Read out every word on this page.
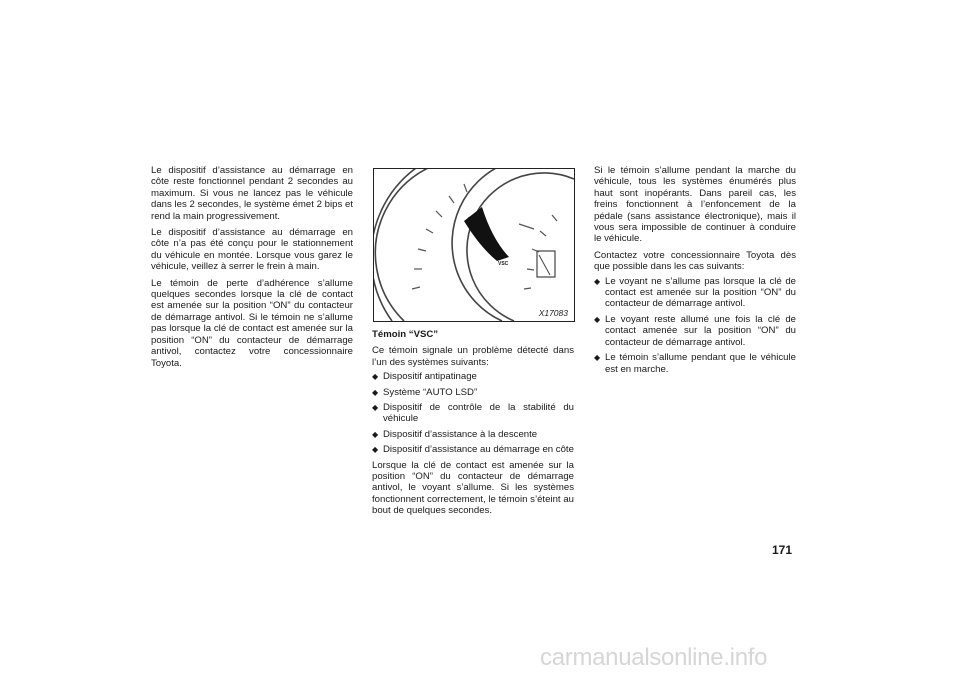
Le dispositif d’assistance au démarrage en côte reste fonctionnel pendant 2 secondes au maximum. Si vous ne lancez pas le véhicule dans les 2 secondes, le système émet 2 bips et rend la main progressivement.

Le dispositif d’assistance au démarrage en côte n’a pas été conçu pour le stationnement du véhicule en montée. Lorsque vous garez le véhicule, veillez à serrer le frein à main.

Le témoin de perte d’adhérence s’allume quelques secondes lorsque la clé de contact est amenée sur la position “ON” du contacteur de démarrage antivol. Si le témoin ne s’allume pas lorsque la clé de contact est amenée sur la position “ON” du contacteur de démarrage antivol, contactez votre concessionnaire Toyota.

VSC
X17083

Témoin “VSC”

Ce témoin signale un problème détecté dans l’un des systèmes suivants:

◆ Dispositif antipatinage
◆ Système “AUTO LSD”
◆ Dispositif de contrôle de la stabilité du véhicule
◆ Dispositif d’assistance à la descente
◆ Dispositif d’assistance au démarrage en côte

Lorsque la clé de contact est amenée sur la position “ON” du contacteur de démarrage antivol, le voyant s’allume. Si les systèmes fonctionnent correctement, le témoin s’éteint au bout de quelques secondes.

Si le témoin s’allume pendant la marche du véhicule, tous les systèmes énumérés plus haut sont inopérants. Dans pareil cas, les freins fonctionnent à l’enfoncement de la pédale (sans assistance électronique), mais il vous sera impossible de continuer à conduire le véhicule.

Contactez votre concessionnaire Toyota dès que possible dans les cas suivants:

◆ Le voyant ne s’allume pas lorsque la clé de contact est amenée sur la position “ON” du contacteur de démarrage antivol.
◆ Le voyant reste allumé une fois la clé de contact amenée sur la position “ON” du contacteur de démarrage antivol.
◆ Le témoin s’allume pendant que le véhicule est en marche.
171
carmanualsonline.info
